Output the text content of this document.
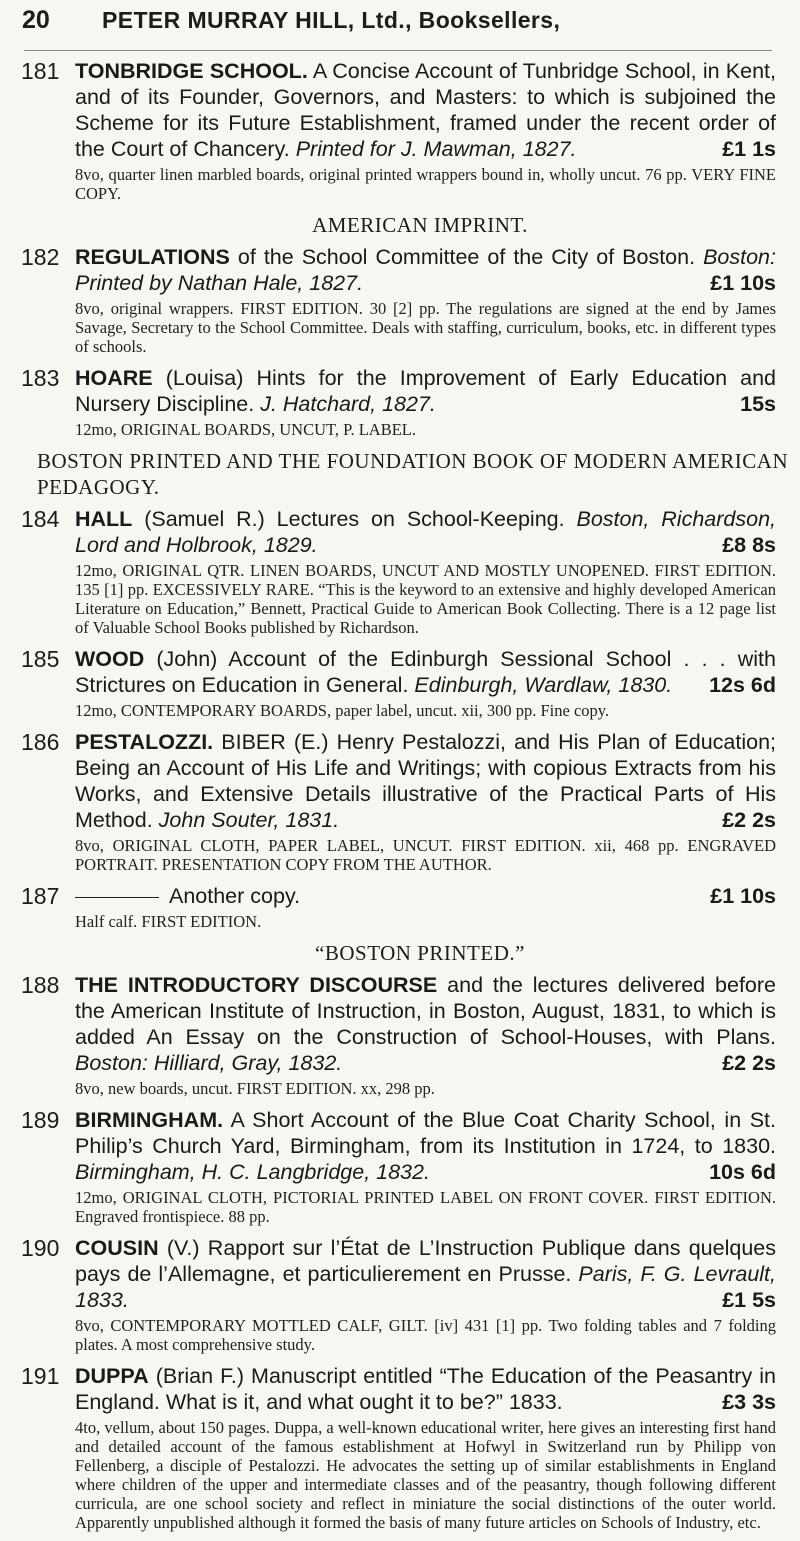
20 PETER MURRAY HILL, Ltd., Booksellers,
181 TONBRIDGE SCHOOL. A Concise Account of Tunbridge School, in Kent, and of its Founder, Governors, and Masters: to which is subjoined the Scheme for its Future Establishment, framed under the recent order of the Court of Chancery. Printed for J. Mawman, 1827.	£1 1s
8vo, quarter linen marbled boards, original printed wrappers bound in, wholly uncut. 76 pp. VERY FINE COPY.
AMERICAN IMPRINT.
182 REGULATIONS of the School Committee of the City of Boston. Boston: Printed by Nathan Hale, 1827.	£1 10s
8vo, original wrappers. FIRST EDITION. 30 [2] pp. The regulations are signed at the end by James Savage, Secretary to the School Committee. Deals with staffing, curriculum, books, etc. in different types of schools.
183 HOARE (Louisa) Hints for the Improvement of Early Education and Nursery Discipline. J. Hatchard, 1827.	15s
12mo, ORIGINAL BOARDS, UNCUT, P. LABEL.
BOSTON PRINTED AND THE FOUNDATION BOOK OF MODERN AMERICAN PEDAGOGY.
184 HALL (Samuel R.) Lectures on School-Keeping. Boston, Richardson, Lord and Holbrook, 1829.	£8 8s
12mo, ORIGINAL QTR. LINEN BOARDS, UNCUT AND MOSTLY UNOPENED. FIRST EDITION. 135 [1] pp. EXCESSIVELY RARE. “This is the keyword to an extensive and highly developed American Literature on Education,” Bennett, Practical Guide to American Book Collecting. There is a 12 page list of Valuable School Books published by Richardson.
185 WOOD (John) Account of the Edinburgh Sessional School . . . with Strictures on Education in General. Edinburgh, Wardlaw, 1830.	12s 6d
12mo, CONTEMPORARY BOARDS, paper label, uncut. xii, 300 pp. Fine copy.
186 PESTALOZZI. BIBER (E.) Henry Pestalozzi, and His Plan of Education; Being an Account of His Life and Writings; with copious Extracts from his Works, and Extensive Details illustrative of the Practical Parts of His Method. John Souter, 1831.	£2 2s
8vo, ORIGINAL CLOTH, PAPER LABEL, UNCUT. FIRST EDITION. xii, 468 pp. ENGRAVED PORTRAIT. PRESENTATION COPY FROM THE AUTHOR.
187	Another copy.	£1 10s
Half calf. FIRST EDITION.
“BOSTON PRINTED.”
188 THE INTRODUCTORY DISCOURSE and the lectures delivered before the American Institute of Instruction, in Boston, August, 1831, to which is added An Essay on the Construction of School-Houses, with Plans. Boston: Hilliard, Gray, 1832.	£2 2s
8vo, new boards, uncut. FIRST EDITION. xx, 298 pp.
189 BIRMINGHAM. A Short Account of the Blue Coat Charity School, in St. Philip’s Church Yard, Birmingham, from its Institution in 1724, to 1830. Birmingham, H. C. Langbridge, 1832.	10s 6d
12mo, ORIGINAL CLOTH, PICTORIAL PRINTED LABEL ON FRONT COVER. FIRST EDITION. Engraved frontispiece. 88 pp.
190 COUSIN (V.) Rapport sur l’État de L’Instruction Publique dans quelques pays de l’Allemagne, et particulierement en Prusse. Paris, F. G. Levrault, 1833.	£1 5s
8vo, CONTEMPORARY MOTTLED CALF, GILT. [iv] 431 [1] pp. Two folding tables and 7 folding plates. A most comprehensive study.
191 DUPPA (Brian F.) Manuscript entitled “The Education of the Peasantry in England. What is it, and what ought it to be?” 1833.	£3 3s
4to, vellum, about 150 pages. Duppa, a well-known educational writer, here gives an interesting first hand and detailed account of the famous establishment at Hofwyl in Switzerland run by Philipp von Fellenberg, a disciple of Pestalozzi. He advocates the setting up of similar establishments in England where children of the upper and intermediate classes and of the peasantry, though following different curricula, are one school society and reflect in miniature the social distinctions of the outer world. Apparently unpublished although it formed the basis of many future articles on Schools of Industry, etc.
